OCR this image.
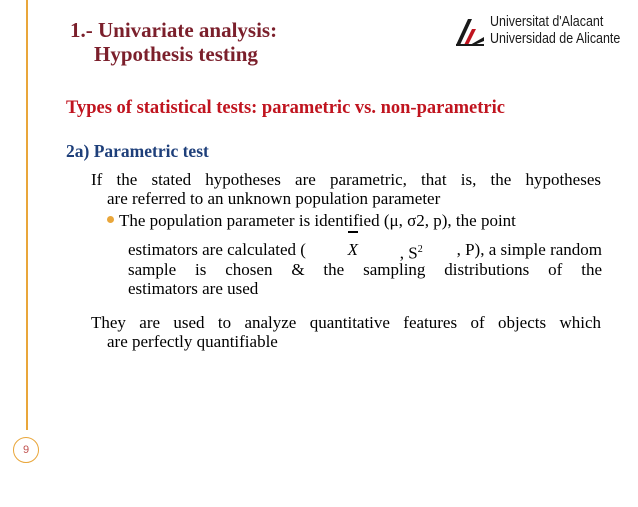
1.- Univariate analysis:
Hypothesis testing
Universitat d'Alacant
Universidad de Alicante
Types of statistical tests: parametric vs. non-parametric
2a) Parametric test
If the stated hypotheses are parametric, that is, the hypotheses
are referred to an unknown population parameter
The population parameter is identified (μ, σ2, p), the point
estimators are calculated (	X	, $S^2$ , P), a simple random
sample is chosen & the sampling distributions of the
estimators are used
They are used to analyze quantitative features of objects which
are perfectly quantifiable
9
